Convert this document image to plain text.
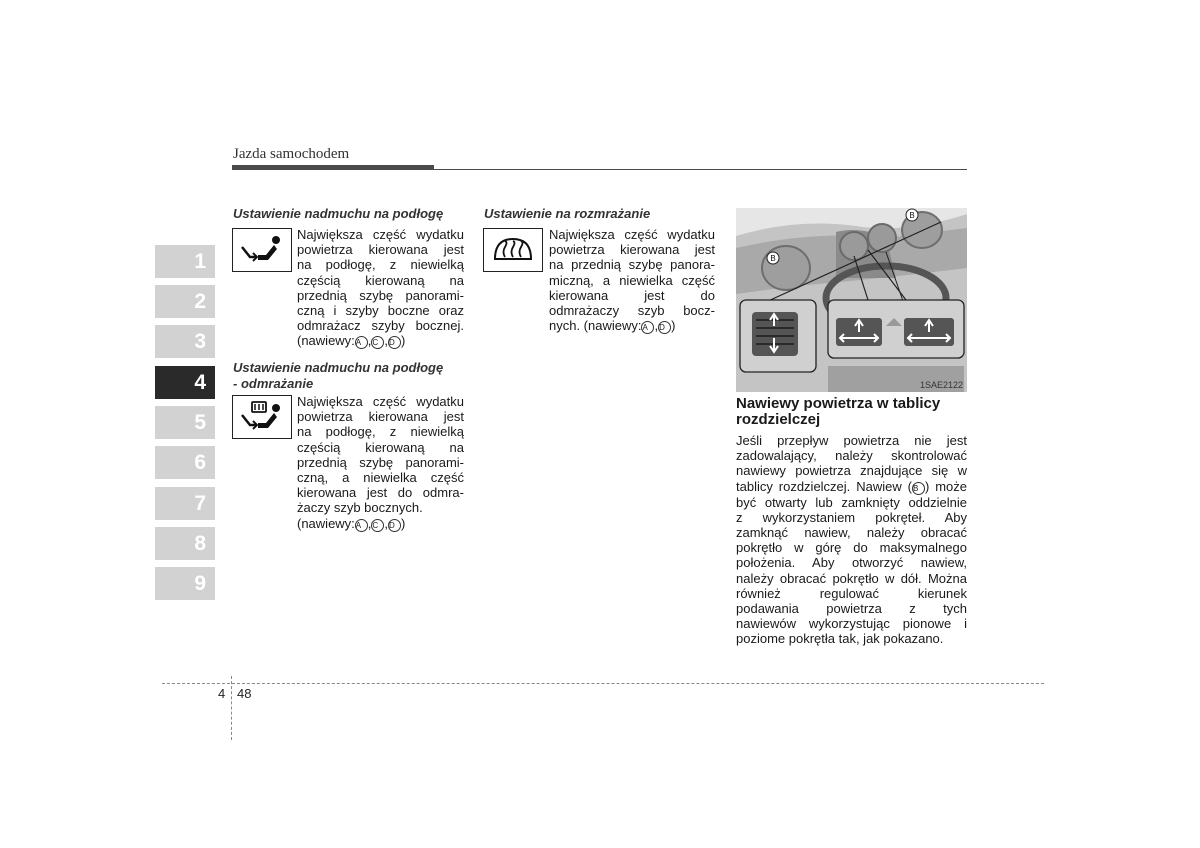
Jazda samochodem
1
2
3
4
5
6
7
8
9
Ustawienie nadmuchu na podłogę
Największa część wydatku
powietrza kierowana jest
na podłogę, z niewielką
częścią kierowaną na
przednią szybę panorami-
czną i szyby boczne oraz
odmrażacz szyby bocznej.
(nawiewy:A ,C ,D )
Ustawienie nadmuchu na podłogę
- odmrażanie
Największa część wydatku
powietrza kierowana jest
na podłogę, z niewielką
częścią kierowaną na
przednią szybę panorami-
czną, a niewielka część
kierowana jest do odmra-
żaczy szyb bocznych.
(nawiewy:A ,C ,D )
Ustawienie na rozmrażanie
Największa część wydatku
powietrza kierowana jest
na przednią szybę panora-
miczną, a niewielka część
kierowana jest do
odmrażaczy szyb bocz-
nych. (nawiewy:A ,D )
B
B
1SAE2122
Nawiewy powietrza w tablicy
rozdzielczej
Jeśli przepływ powietrza nie jest
zadowalający, należy skontrolować
nawiewy powietrza znajdujące się w
tablicy rozdzielczej. Nawiew (B ) może
być otwarty lub zamknięty oddzielnie
z wykorzystaniem pokręteł. Aby
zamknąć nawiew, należy obracać
pokrętło w górę do maksymalnego
położenia. Aby otworzyć nawiew,
należy obracać pokrętło w dół. Można
również regulować kierunek
podawania powietrza z tych
nawiewów wykorzystując pionowe i
poziome pokrętła tak, jak pokazano.
4 48
